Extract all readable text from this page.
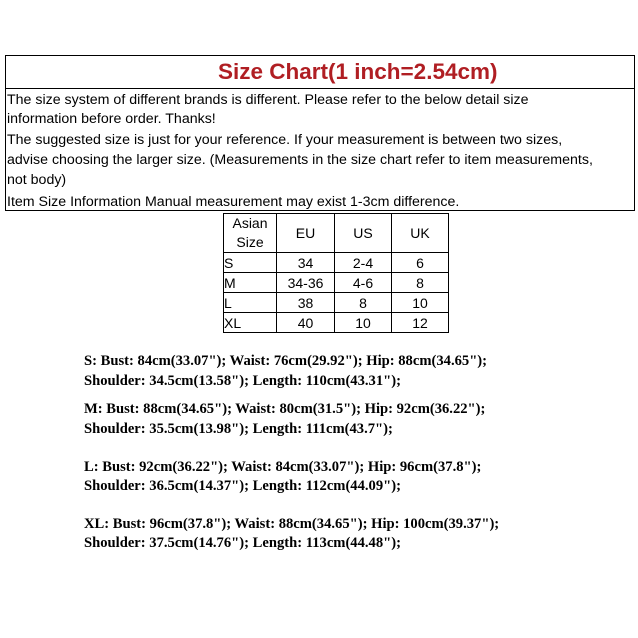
Size Chart(1 inch=2.54cm)
The size system of different brands is different. Please refer to the below detail size
information before order. Thanks!
The suggested size is just for your reference. If your measurement is between two sizes,
advise choosing the larger size. (Measurements in the size chart refer to item measurements,
not body)
Item Size Information Manual measurement may exist 1-3cm difference.
Asian
Size	EU	US	UK
S	34	2-4	6
M	34-36	4-6	8
L	38	8	10
XL	40	10	12
S: Bust: 84cm(33.07"); Waist: 76cm(29.92"); Hip: 88cm(34.65");
Shoulder: 34.5cm(13.58"); Length: 110cm(43.31");
M: Bust: 88cm(34.65"); Waist: 80cm(31.5"); Hip: 92cm(36.22");
Shoulder: 35.5cm(13.98"); Length: 111cm(43.7");
L: Bust: 92cm(36.22"); Waist: 84cm(33.07"); Hip: 96cm(37.8");
Shoulder: 36.5cm(14.37"); Length: 112cm(44.09");
XL: Bust: 96cm(37.8"); Waist: 88cm(34.65"); Hip: 100cm(39.37");
Shoulder: 37.5cm(14.76"); Length: 113cm(44.48");
